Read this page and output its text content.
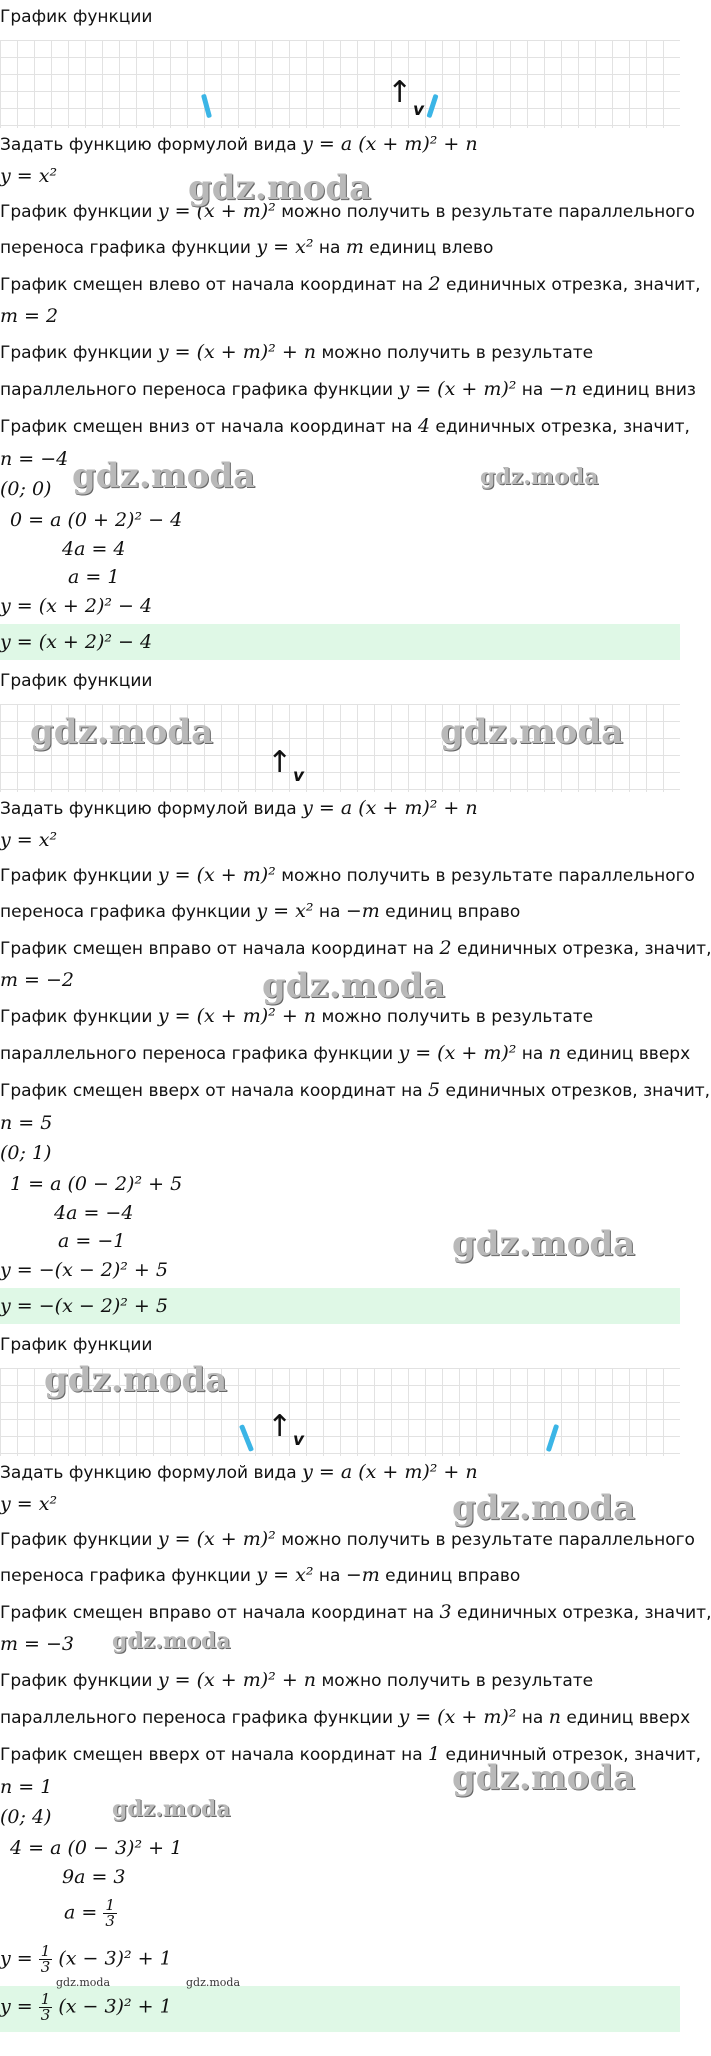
График функции
↑ v
Задать функцию формулой вида y = a (x + m)² + n
y = x²
График функции y = (x + m)² можно получить в результате параллельного
переноса графика функции y = x² на m единиц влево
График смещен влево от начала координат на 2 единичных отрезка, значит,
m = 2
График функции y = (x + m)² + n можно получить в результате
параллельного переноса графика функции y = (x + m)² на −n единиц вниз
График смещен вниз от начала координат на 4 единичных отрезка, значит,
n = −4
(0; 0)
0 = a (0 + 2)² − 4
4a = 4
a = 1
y = (x + 2)² − 4
y = (x + 2)² − 4
График функции
↑ v
Задать функцию формулой вида y = a (x + m)² + n
y = x²
График функции y = (x + m)² можно получить в результате параллельного
переноса графика функции y = x² на −m единиц вправо
График смещен вправо от начала координат на 2 единичных отрезка, значит,
m = −2
График функции y = (x + m)² + n можно получить в результате
параллельного переноса графика функции y = (x + m)² на n единиц вверх
График смещен вверх от начала координат на 5 единичных отрезков, значит,
n = 5
(0; 1)
1 = a (0 − 2)² + 5
4a = −4
a = −1
y = −(x − 2)² + 5
y = −(x − 2)² + 5
График функции
↑ v
Задать функцию формулой вида y = a (x + m)² + n
y = x²
График функции y = (x + m)² можно получить в результате параллельного
переноса графика функции y = x² на −m единиц вправо
График смещен вправо от начала координат на 3 единичных отрезка, значит,
m = −3
График функции y = (x + m)² + n можно получить в результате
параллельного переноса графика функции y = (x + m)² на n единиц вверх
График смещен вверх от начала координат на 1 единичный отрезок, значит,
n = 1
(0; 4)
4 = a (0 − 3)² + 1
9a = 3
$a = \frac{1}{3}$
$y = \frac{1}{3} (x - 3)^2 + 1$
$y = \frac{1}{3} (x - 3)^2 + 1$
gdz.moda
gdz.moda	gdz.moda
gdz.moda	gdz.moda
gdz.moda
gdz.moda
gdz.moda
gdz.moda
gdz.moda
gdz.moda
gdz.moda
gdz.moda	gdz.moda
